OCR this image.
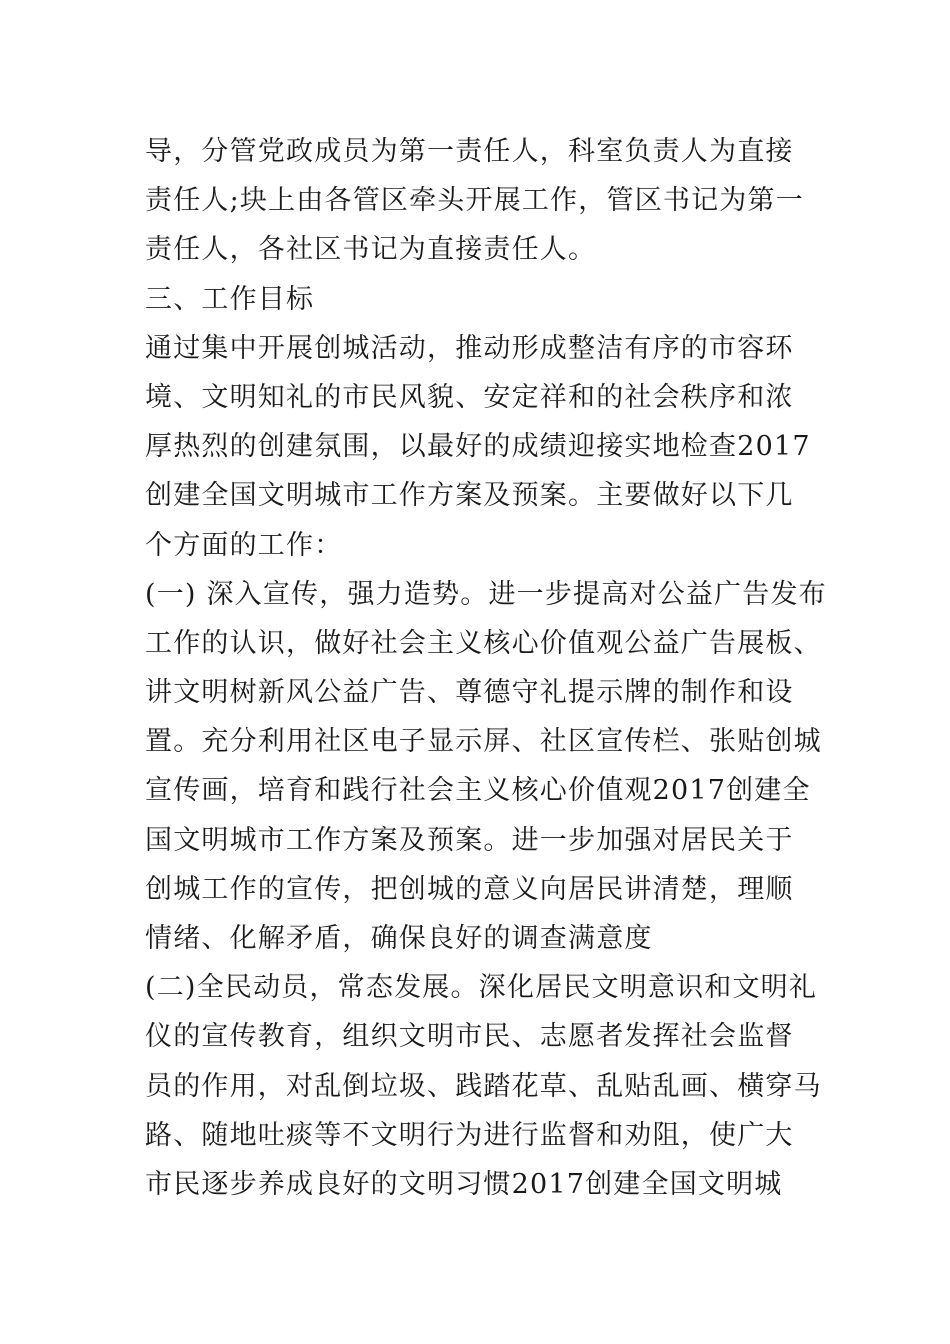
导，分管党政成员为第一责任人，科室负责人为直接
责任人;块上由各管区牵头开展工作，管区书记为第一
责任人，各社区书记为直接责任人。
三、工作目标
通过集中开展创城活动，推动形成整洁有序的市容环
境、文明知礼的市民风貌、安定祥和的社会秩序和浓
厚热烈的创建氛围，以最好的成绩迎接实地检查2017
创建全国文明城市工作方案及预案。主要做好以下几
个方面的工作：
(一) 深入宣传，强力造势。进一步提高对公益广告发布
工作的认识，做好社会主义核心价值观公益广告展板、
讲文明树新风公益广告、尊德守礼提示牌的制作和设
置。充分利用社区电子显示屏、社区宣传栏、张贴创城
宣传画，培育和践行社会主义核心价值观2017创建全
国文明城市工作方案及预案。进一步加强对居民关于
创城工作的宣传，把创城的意义向居民讲清楚，理顺
情绪、化解矛盾，确保良好的调查满意度
(二)全民动员，常态发展。深化居民文明意识和文明礼
仪的宣传教育，组织文明市民、志愿者发挥社会监督
员的作用，对乱倒垃圾、践踏花草、乱贴乱画、横穿马
路、随地吐痰等不文明行为进行监督和劝阻，使广大
市民逐步养成良好的文明习惯2017创建全国文明城
